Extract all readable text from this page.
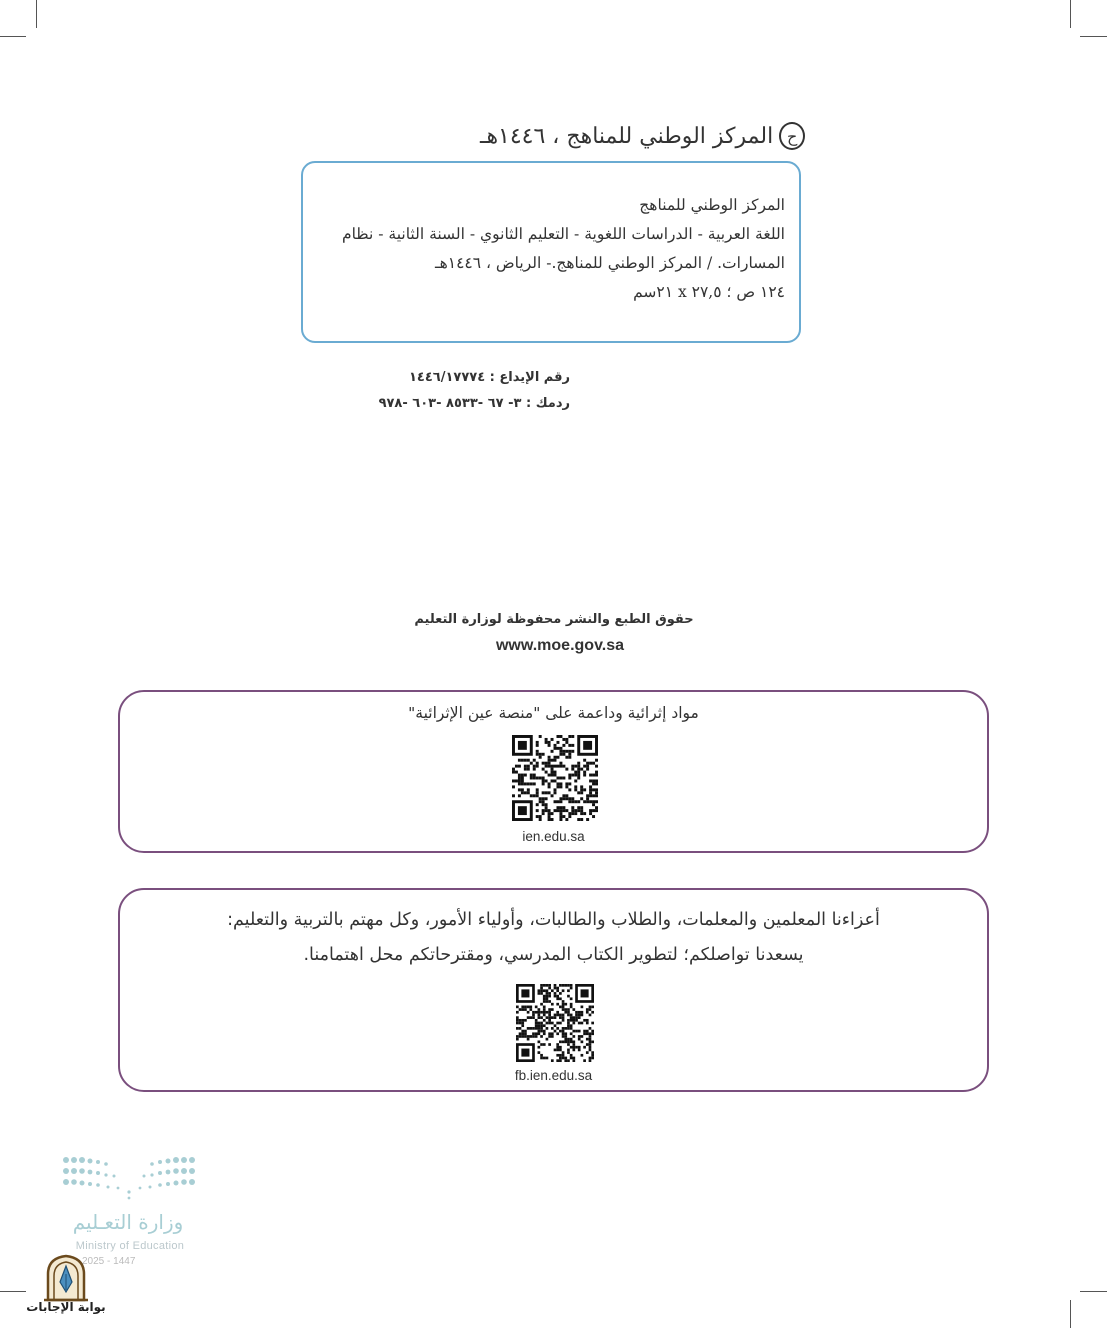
ح
المركز الوطني للمناهج ، ١٤٤٦هـ
المركز الوطني للمناهج
اللغة العربية - الدراسات اللغوية - التعليم الثانوي - السنة الثانية - نظام
المسارات. / المركز الوطني للمناهج.- الرياض ، ١٤٤٦هـ
١٢٤ ص ؛ ٢٧,٥ x ٢١سم
رقم الإيداع : ١٤٤٦/١٧٧٧٤
ردمك : ٣- ٦٧ -٨٥٣٣ -٦٠٣ -٩٧٨
حقوق الطبع والنشر محفوظة لوزارة التعليم
www.moe.gov.sa
مواد إثرائية وداعمة على "منصة عين الإثرائية"
ien.edu.sa
أعزاءنا المعلمين والمعلمات، والطلاب والطالبات، وأولياء الأمور، وكل مهتم بالتربية والتعليم:
يسعدنا تواصلكم؛ لتطوير الكتاب المدرسي، ومقترحاتكم محل اهتمامنا.
fb.ien.edu.sa
وزارة التعـليم
Ministry of Education
2025 - 1447
بوابة الإجابات
